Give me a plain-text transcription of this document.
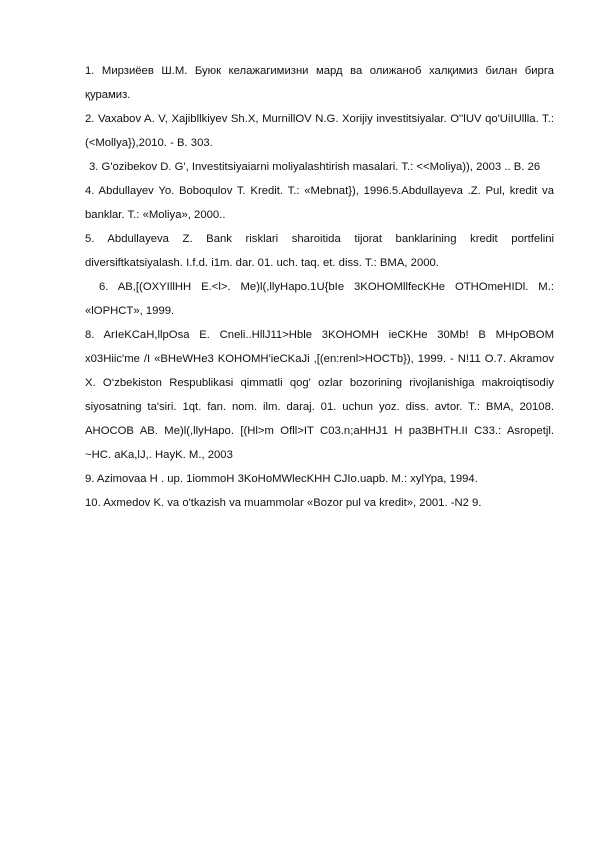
1. Мирзиёев Ш.М. Буюк келажагимизни мард ва олижаноб халқимиз билан бирга қурамиз.

2. Vaxabov A. V, Xajibllkiyev Sh.X, MurnillOV N.G. Xorijiy investitsiyalar. O''lUV qo'UiIUllla. T.: (<Mollya}),2010. - B. 303.

3. G'ozibekov D. G', Investitsiyaiarni moliyalashtirish masalari. T.: <<Moliya)), 2003 .. B. 26

4. Abdullayev Yo. Boboqulov T. Kredit. T.: «Mebnat}), 1996.5.Abdullayeva .Z. Pul, kredit va banklar. T.: «Moliya», 2000..

5. Abdullayeva Z. Bank risklari sharoitida tijorat banklarining kredit portfelini diversiftkatsiyalash. I.f.d. i1m. dar. 01. uch. taq. et. diss. T.: BMA, 2000.

6. AB,[(OXYIllHH E.<l>. Me)l(,llyHapo.1U{bIe 3KOHOMllfecKHe OTHOmeHIDl. M.: «lOPHCT», 1999.

8. ArIeKCaH,llpOsa E. Cneli..HllJ11>Hble 3KOHOMH ieCKHe 30Mb! B MHpOBOM x03Hiic'me /I «BHeWHe3 KOHOMH'ieCKaJi ,[(en:renl>HOCTb}), 1999. - N!11 O.7. Akramov X. O‘zbekiston Respublikasi qimmatli qog' ozlar bozorining rivojlanishiga makroiqtisodiy siyosatning ta'siri. 1qt. fan. nom. ilm. daraj. 01. uchun yoz. diss. avtor. T.: BMA, 20108. AHOCOB AB. Me)l(,llyHapo. [(Hl>m Ofll>IT C03.n;aHHJ1 H pa3BHTH.II C33.: Asropetjl. ~HC. aKa,lJ,. HayK. M., 2003

9. Azimovaa H . up. 1iommoH 3KoHoMWlecKHH CJIo.uapb. M.: xylYpa, 1994.

10. Axmedov K. va o'tkazish va muammolar «Bozor pul va kredit», 2001. -N2 9.
